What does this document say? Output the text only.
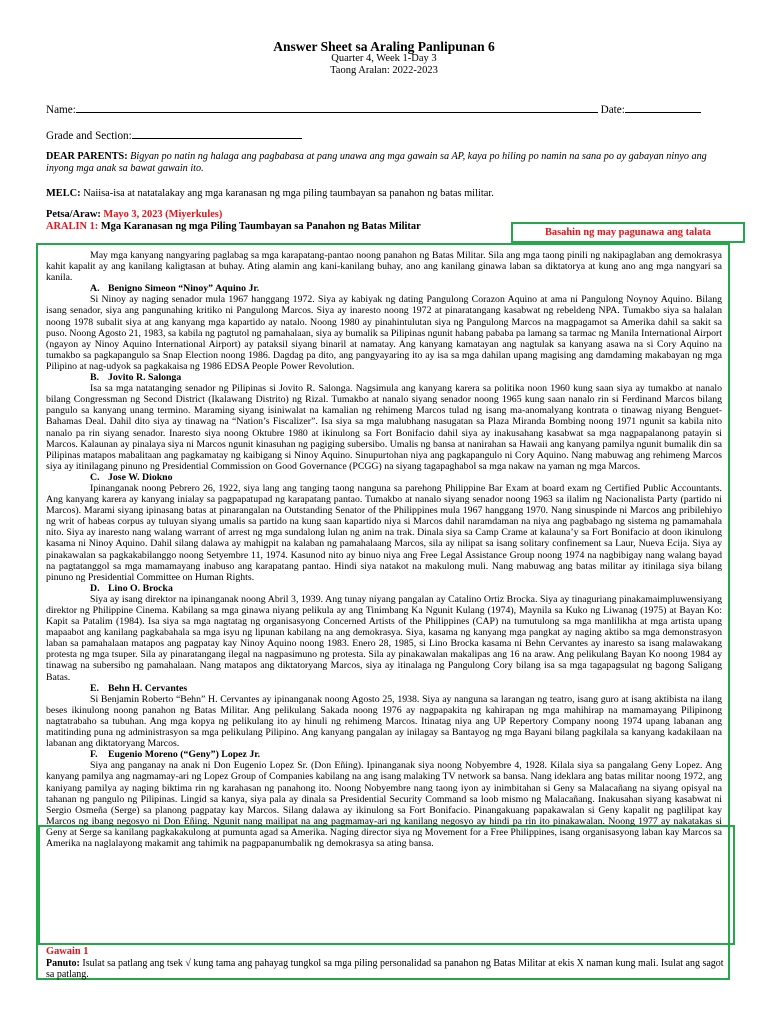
Answer Sheet sa Araling Panlipunan 6
Quarter 4, Week 1-Day 3
Taong Aralan: 2022-2023
Name:	Date:
Grade and Section:
DEAR PARENTS: Bigyan po natin ng halaga ang pagbabasa at pang unawa ang mga gawain sa AP, kaya po hiling po namin na sana po ay gabayan ninyo ang inyong mga anak sa bawat gawain ito.
MELC: Naiisa-isa at natatalakay ang mga karanasan ng mga piling taumbayan sa panahon ng batas militar.
Petsa/Araw: Mayo 3, 2023 (Miyerkules)
ARALIN 1: Mga Karanasan ng mga Piling Taumbayan sa Panahon ng Batas Militar
Basahin ng may pagunawa ang talata

May mga kanyang nangyaring paglabag sa mga karapatang-pantao noong panahon ng Batas Militar. Sila ang mga taong pinili ng nakipaglaban ang demokrasya kahit kapalit ay ang kanilang kaligtasan at buhay. Ating alamin ang kani-kanilang buhay, ano ang kanilang ginawa laban sa diktatorya at kung ano ang mga nangyari sa kanila.

A. Benigno Simeon “Ninoy” Aquino Jr.

Si Ninoy ay naging senador mula 1967 hanggang 1972. Siya ay kabiyak ng dating Pangulong Corazon Aquino at ama ni Pangulong Noynoy Aquino. Bilang isang senador, siya ang pangunahing kritiko ni Pangulong Marcos. Siya ay inaresto noong 1972 at pinaratangang kasabwat ng rebeldeng NPA. Tumakbo siya sa halalan noong 1978 subalit siya at ang kanyang mga kapartido ay natalo. Noong 1980 ay pinahintulutan siya ng Pangulong Marcos na magpagamot sa Amerika dahil sa sakit sa puso. Noong Agosto 21, 1983, sa kabila ng pagtutol ng pamahalaan, siya ay bumalik sa Pilipinas ngunit habang pababa pa lamang sa tarmac ng Manila International Airport (ngayon ay Ninoy Aquino International Airport) ay pataksil siyang binaril at namatay. Ang kanyang kamatayan ang nagtulak sa kanyang asawa na si Cory Aquino na tumakbo sa pagkapangulo sa Snap Election noong 1986. Dagdag pa dito, ang pangyayaring ito ay isa sa mga dahilan upang magising ang damdaming makabayan ng mga Pilipino at nag-udyok sa pagkakaisa ng 1986 EDSA People Power Revolution.

B. Jovito R. Salonga

Isa sa mga natatanging senador ng Pilipinas si Jovito R. Salonga. Nagsimula ang kanyang karera sa politika noon 1960 kung saan siya ay tumakbo at nanalo bilang Congressman ng Second District (Ikalawang Distrito) ng Rizal. Tumakbo at nanalo siyang senador noong 1965 kung saan nanalo rin si Ferdinand Marcos bilang pangulo sa kanyang unang termino. Maraming siyang isiniwalat na kamalian ng rehimeng Marcos tulad ng isang ma-anomalyang kontrata o tinawag niyang Benguet- Bahamas Deal. Dahil dito siya ay tinawag na “Nation’s Fiscalizer”. Isa siya sa mga malubhang nasugatan sa Plaza Miranda Bombing noong 1971 ngunit sa kabila nito nanalo pa rin siyang senador. Inaresto siya noong Oktubre 1980 at ikinulong sa Fort Bonifacio dahil siya ay inakusahang kasabwat sa mga nagpapalanong patayin si Marcos. Kalaunan ay pinalaya siya ni Marcos ngunit kinasuhan ng pagiging subersibo. Umalis ng bansa at nanirahan sa Hawaii ang kanyang pamilya ngunit bumalik din sa Pilipinas matapos mabalitaan ang pagkamatay ng kaibigang si Ninoy Aquino. Sinupurtohan niya ang pagkapangulo ni Cory Aquino. Nang mabuwag ang rehimeng Marcos siya ay itinilagang pinuno ng Presidential Commission on Good Governance (PCGG) na siyang tagapaghabol sa mga nakaw na yaman ng mga Marcos.

C. Jose W. Diokno

Ipinanganak noong Pebrero 26, 1922, siya lang ang tanging taong nanguna sa parehong Philippine Bar Exam at board exam ng Certified Public Accountants. Ang kanyang karera ay kanyang inialay sa pagpapatupad ng karapatang pantao. Tumakbo at nanalo siyang senador noong 1963 sa ilalim ng Nacionalista Party (partido ni Marcos). Marami siyang ipinasang batas at pinarangalan na Outstanding Senator of the Philippines mula 1967 hanggang 1970. Nang sinuspinde ni Marcos ang pribilehiyo ng writ of habeas corpus ay tuluyan siyang umalis sa partido na kung saan kapartido niya si Marcos dahil naramdaman na niya ang pagbabago ng sistema ng pamamahala nito. Siya ay inaresto nang walang warrant of arrest ng mga sundalong lulan ng anim na trak. Dinala siya sa Camp Crame at kalauna’y sa Fort Bonifacio at doon ikinulong kasama ni Ninoy Aquino. Dahil silang dalawa ay mahigpit na kalaban ng pamahalaang Marcos, sila ay nilipat sa isang solitary confinement sa Laur, Nueva Ecija. Siya ay pinakawalan sa pagkakabilanggo noong Setyembre 11, 1974. Kasunod nito ay binuo niya ang Free Legal Assistance Group noong 1974 na nagbibigay nang walang bayad na pagtatanggol sa mga mamamayang inabuso ang karapatang pantao. Hindi siya natakot na makulong muli. Nang mabuwag ang batas militar ay itinilaga siya bilang pinuno ng Presidential Committee on Human Rights.

D. Lino O. Brocka

Siya ay isang direktor na ipinanganak noong Abril 3, 1939. Ang tunay niyang pangalan ay Catalino Ortiz Brocka. Siya ay tinaguriang pinakamaimpluwensiyang direktor ng Philippine Cinema. Kabilang sa mga ginawa niyang pelikula ay ang Tinimbang Ka Ngunit Kulang (1974), Maynila sa Kuko ng Liwanag (1975) at Bayan Ko: Kapit sa Patalim (1984). Isa siya sa mga nagtatag ng organisasyong Concerned Artists of the Philippines (CAP) na tumutulong sa mga manlilikha at mga artista upang mapaabot ang kanilang pagkabahala sa mga isyu ng lipunan kabilang na ang demokrasya. Siya, kasama ng kanyang mga pangkat ay naging aktibo sa mga demonstrasyon laban sa pamahalaan matapos ang pagpatay kay Ninoy Aquino noong 1983. Enero 28, 1985, si Lino Brocka kasama ni Behn Cervantes ay inaresto sa isang malawakang protesta ng mga tsuper. Sila ay pinaratangang ilegal na nagpasimuno ng protesta. Sila ay pinakawalan makalipas ang 16 na araw. Ang pelikulang Bayan Ko noong 1984 ay tinawag na subersibo ng pamahalaan. Nang matapos ang diktatoryang Marcos, siya ay itinalaga ng Pangulong Cory bilang isa sa mga tagapagsulat ng bagong Saligang Batas.

E. Behn H. Cervantes

Si Benjamin Roberto “Behn” H. Cervantes ay ipinanganak noong Agosto 25, 1938. Siya ay nanguna sa larangan ng teatro, isang guro at isang aktibista na ilang beses ikinulong noong panahon ng Batas Militar. Ang pelikulang Sakada noong 1976 ay nagpapakita ng kahirapan ng mga mahihirap na mamamayang Pilipinong nagtatrabaho sa tubuhan. Ang mga kopya ng pelikulang ito ay hinuli ng rehimeng Marcos. Itinatag niya ang UP Repertory Company noong 1974 upang labanan ang matitinding puna ng administrasyon sa mga pelikulang Pilipino. Ang kanyang pangalan ay inilagay sa Bantayog ng mga Bayani bilang pagkilala sa kanyang kadakilaan na labanan ang diktatoryang Marcos.

F. Eugenio Moreno (“Geny”) Lopez Jr.

Siya ang panganay na anak ni Don Eugenio Lopez Sr. (Don Eñing). Ipinanganak siya noong Nobyembre 4, 1928. Kilala siya sa pangalang Geny Lopez. Ang kanyang pamilya ang nagmamay-ari ng Lopez Group of Companies kabilang na ang isang malaking TV network sa bansa. Nang ideklara ang batas militar noong 1972, ang kaniyang pamilya ay naging biktima rin ng karahasan ng panahong ito. Noong Nobyembre nang taong iyon ay inimbitahan si Geny sa Malacañang na siyang opisyal na tahanan ng pangulo ng Pilipinas. Lingid sa kanya, siya pala ay dinala sa Presidential Security Command sa loob mismo ng Malacañang. Inakusahan siyang kasabwat ni Sergio Osmeña (Serge) sa planong pagpatay kay Marcos. Silang dalawa ay ikinulong sa Fort Bonifacio. Pinangakuang papakawalan si Geny kapalit ng paglilipat kay Marcos ng ibang negosyo ni Don Eñing. Ngunit nang mailipat na ang pagmamay-ari ng kanilang negosyo ay hindi pa rin ito pinakawalan. Noong 1977 ay nakatakas si Geny at Serge sa kanilang pagkakakulong at pumunta agad sa Amerika. Naging director siya ng Movement for a Free Philippines, isang organisasyong laban kay Marcos sa Amerika na naglalayong makamit ang tahimik na pagpapanumbalik ng demokrasya sa ating bansa.

Gawain 1
Panuto: Isulat sa patlang ang tsek √ kung tama ang pahayag tungkol sa mga piling personalidad sa panahon ng Batas Militar at ekis X naman kung mali. Isulat ang sagot sa patlang.
